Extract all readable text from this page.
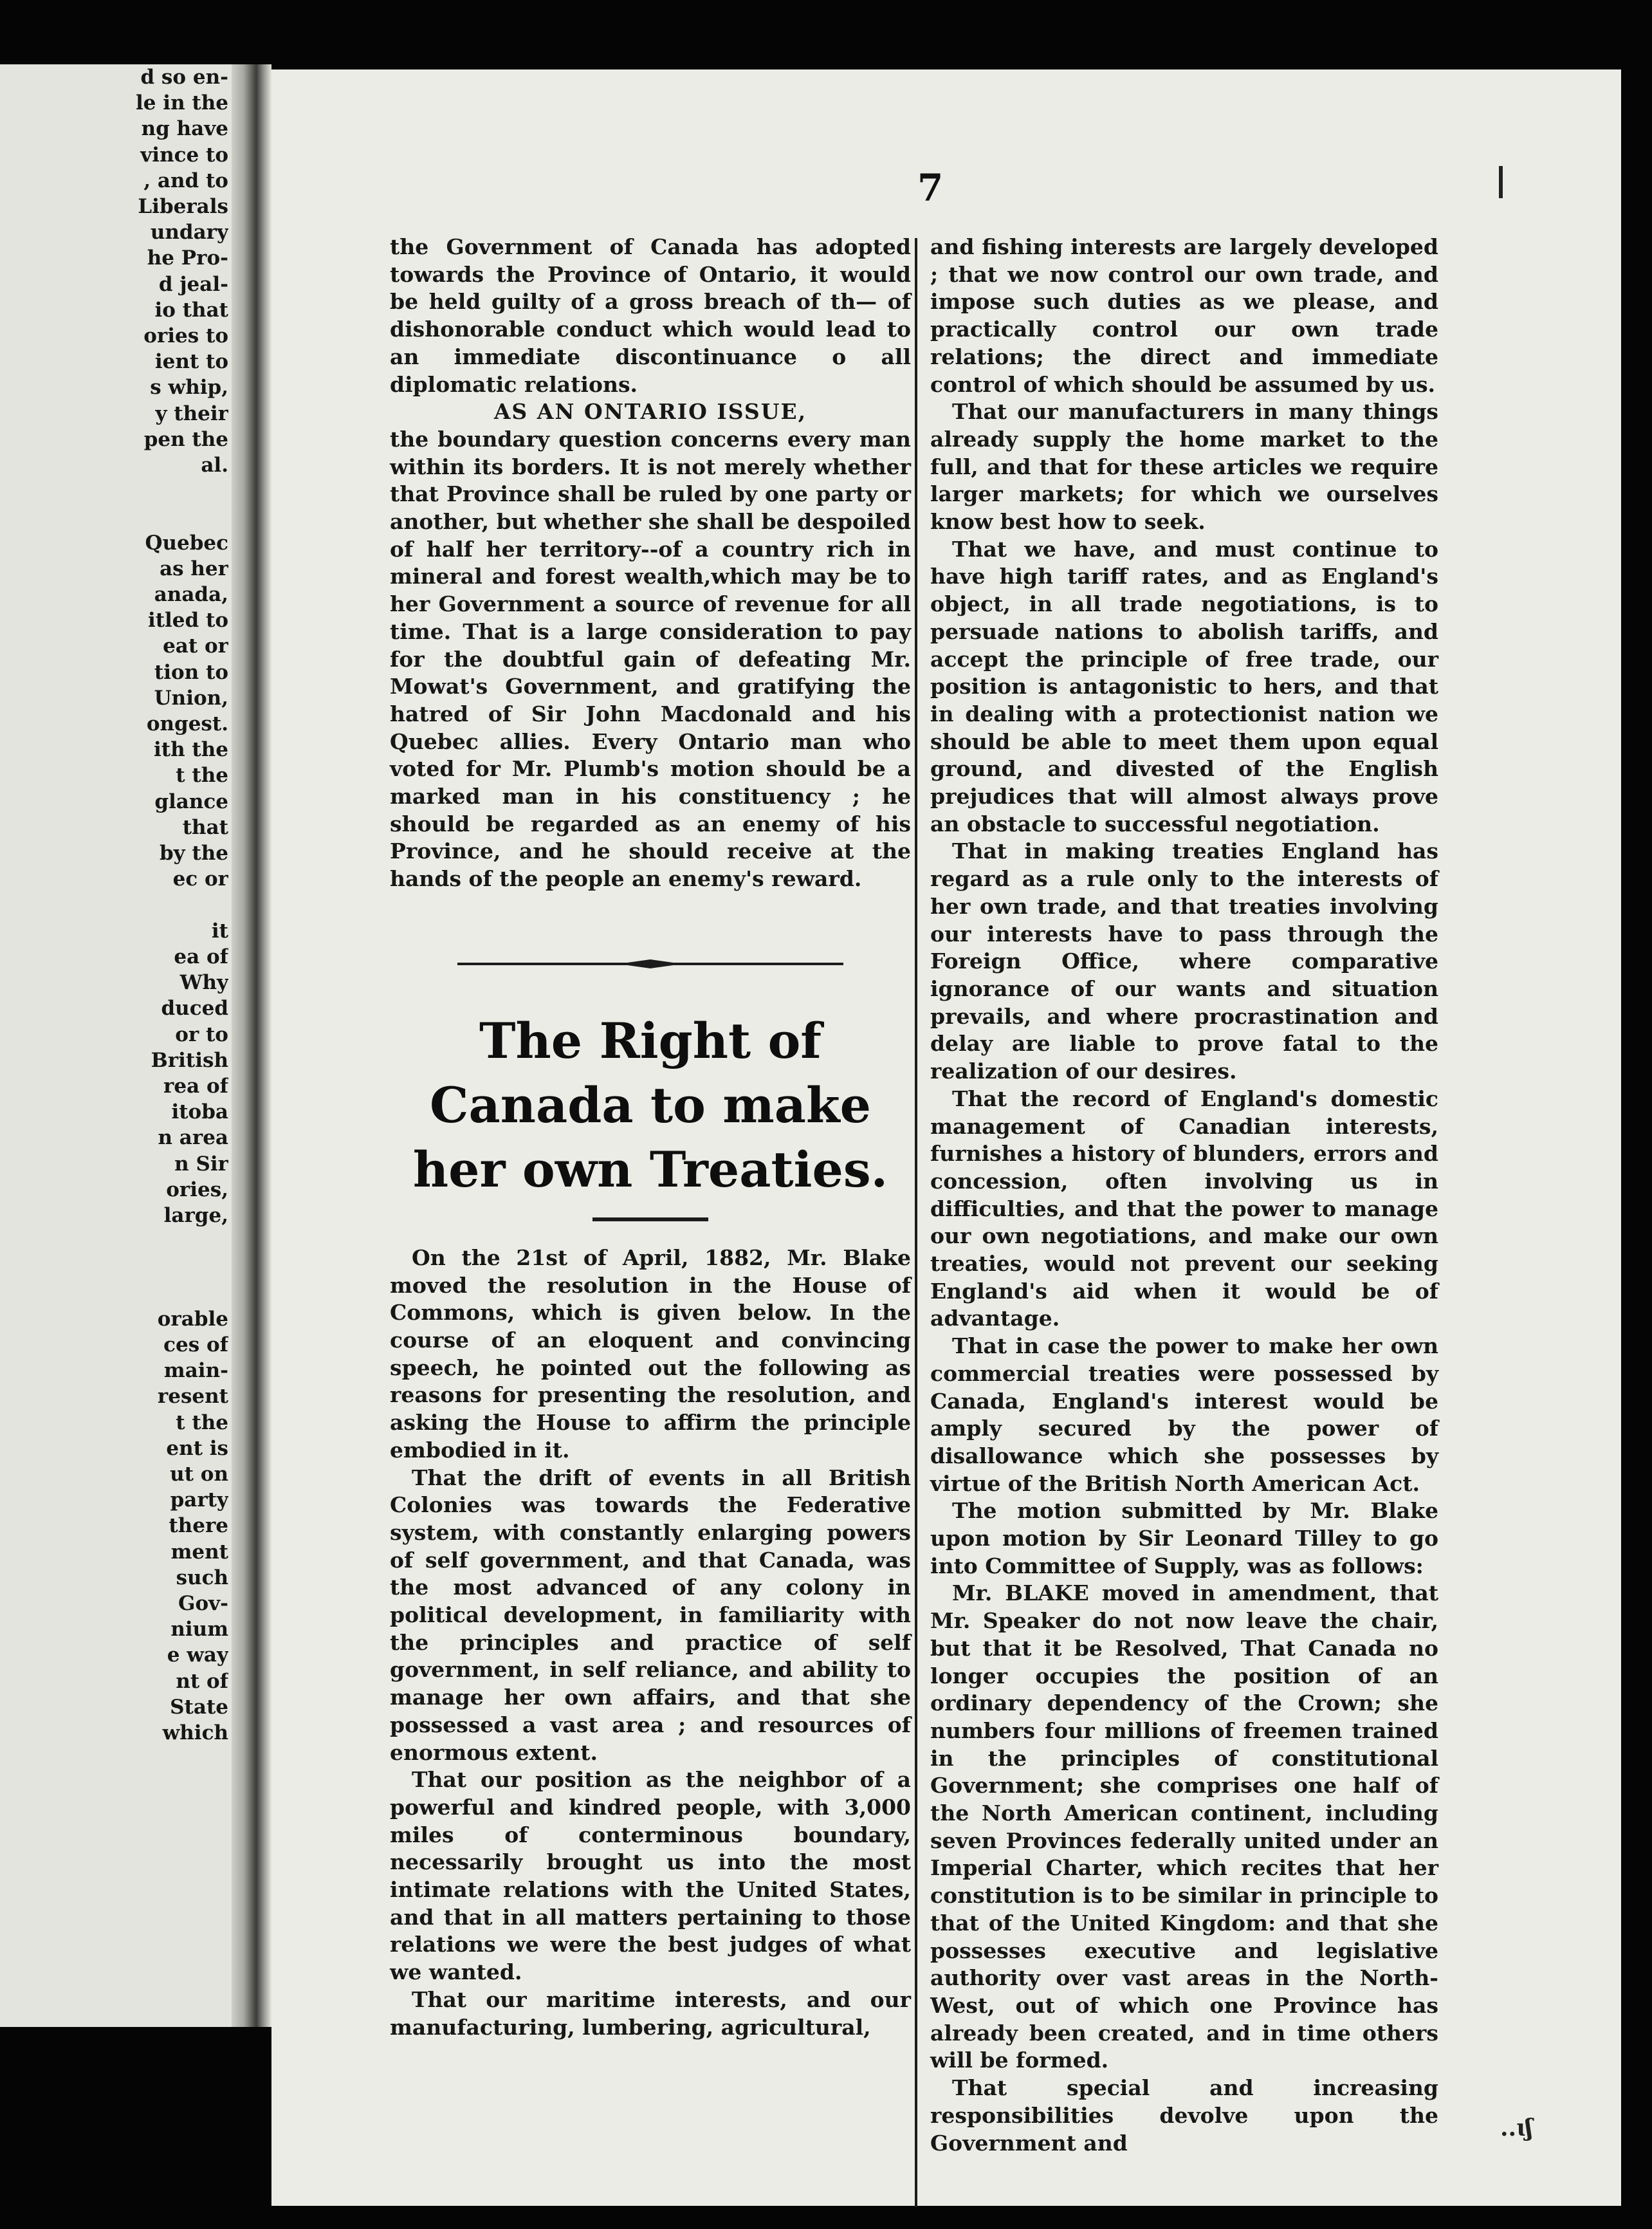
d so en-
le in the
ng have
vince to
, and to
Liberals
undary
he Pro-
d jeal-
io that
ories to
ient to
s whip,
y their
pen the
al.

Quebec
as her
anada,
itled to
eat or
tion to
Union,
ongest.
ith the
t the
glance
that
by the
ec or

it
ea of
Why
duced
or to
British
rea of
itoba
n area
n Sir
ories,
large,

orable
ces of
main-
resent
t the
ent is
ut on
party
there
ment
such
Gov-
nium
e way
nt of
State
which
7

the Government of Canada has adopted towards the Province of Ontario, it would be held guilty of a gross breach of th— of dishonorable conduct which would lead to an immediate discontinuance o all diplomatic relations.

AS AN ONTARIO ISSUE,

the boundary question concerns every man within its borders. It is not merely whether that Province shall be ruled by one party or another, but whether she shall be despoiled of half her territory--of a country rich in mineral and forest wealth,which may be to her Government a source of revenue for all time. That is a large consideration to pay for the doubtful gain of defeating Mr. Mowat's Government, and gratifying the hatred of Sir John Macdonald and his Quebec allies. Every Ontario man who voted for Mr. Plumb's motion should be a marked man in his constituency ; he should be regarded as an enemy of his Province, and he should receive at the hands of the people an enemy's reward.

The Right of Canada to make her own Treaties.

On the 21st of April, 1882, Mr. Blake moved the resolution in the House of Commons, which is given below. In the course of an eloquent and convincing speech, he pointed out the following as reasons for presenting the resolution, and asking the House to affirm the principle embodied in it.

That the drift of events in all British Colonies was towards the Federative system, with constantly enlarging powers of self government, and that Canada, was the most advanced of any colony in political development, in familiarity with the principles and practice of self government, in self reliance, and ability to manage her own affairs, and that she possessed a vast area ; and resources of enormous extent.

That our position as the neighbor of a powerful and kindred people, with 3,000 miles of conterminous boundary, necessarily brought us into the most intimate relations with the United States, and that in all matters pertaining to those relations we were the best judges of what we wanted.

That our maritime interests, and our manufacturing, lumbering, agricultural,

and fishing interests are largely developed ; that we now control our own trade, and impose such duties as we please, and practically control our own trade relations; the direct and immediate control of which should be assumed by us.

That our manufacturers in many things already supply the home market to the full, and that for these articles we require larger markets; for which we ourselves know best how to seek.

That we have, and must continue to have high tariff rates, and as England's object, in all trade negotiations, is to persuade nations to abolish tariffs, and accept the principle of free trade, our position is antagonistic to hers, and that in dealing with a protectionist nation we should be able to meet them upon equal ground, and divested of the English prejudices that will almost always prove an obstacle to successful negotiation.

That in making treaties England has regard as a rule only to the interests of her own trade, and that treaties involving our interests have to pass through the Foreign Office, where comparative ignorance of our wants and situation prevails, and where procrastination and delay are liable to prove fatal to the realization of our desires.

That the record of England's domestic management of Canadian interests, furnishes a history of blunders, errors and concession, often involving us in difficulties, and that the power to manage our own negotiations, and make our own treaties, would not prevent our seeking England's aid when it would be of advantage.

That in case the power to make her own commercial treaties were possessed by Canada, England's interest would be amply secured by the power of disallowance which she possesses by virtue of the British North American Act.

The motion submitted by Mr. Blake upon motion by Sir Leonard Tilley to go into Committee of Supply, was as follows:

Mr. BLAKE moved in amendment, that Mr. Speaker do not now leave the chair, but that it be Resolved, That Canada no longer occupies the position of an ordinary dependency of the Crown; she numbers four millions of freemen trained in the principles of constitutional Government; she comprises one half of the North American continent, including seven Provinces federally united under an Imperial Charter, which recites that her constitution is to be similar in principle to that of the United Kingdom: and that she possesses executive and legislative authority over vast areas in the North-West, out of which one Province has already been created, and in time others will be formed.

That special and increasing responsibilities devolve upon the Government and

..ɩʃ
